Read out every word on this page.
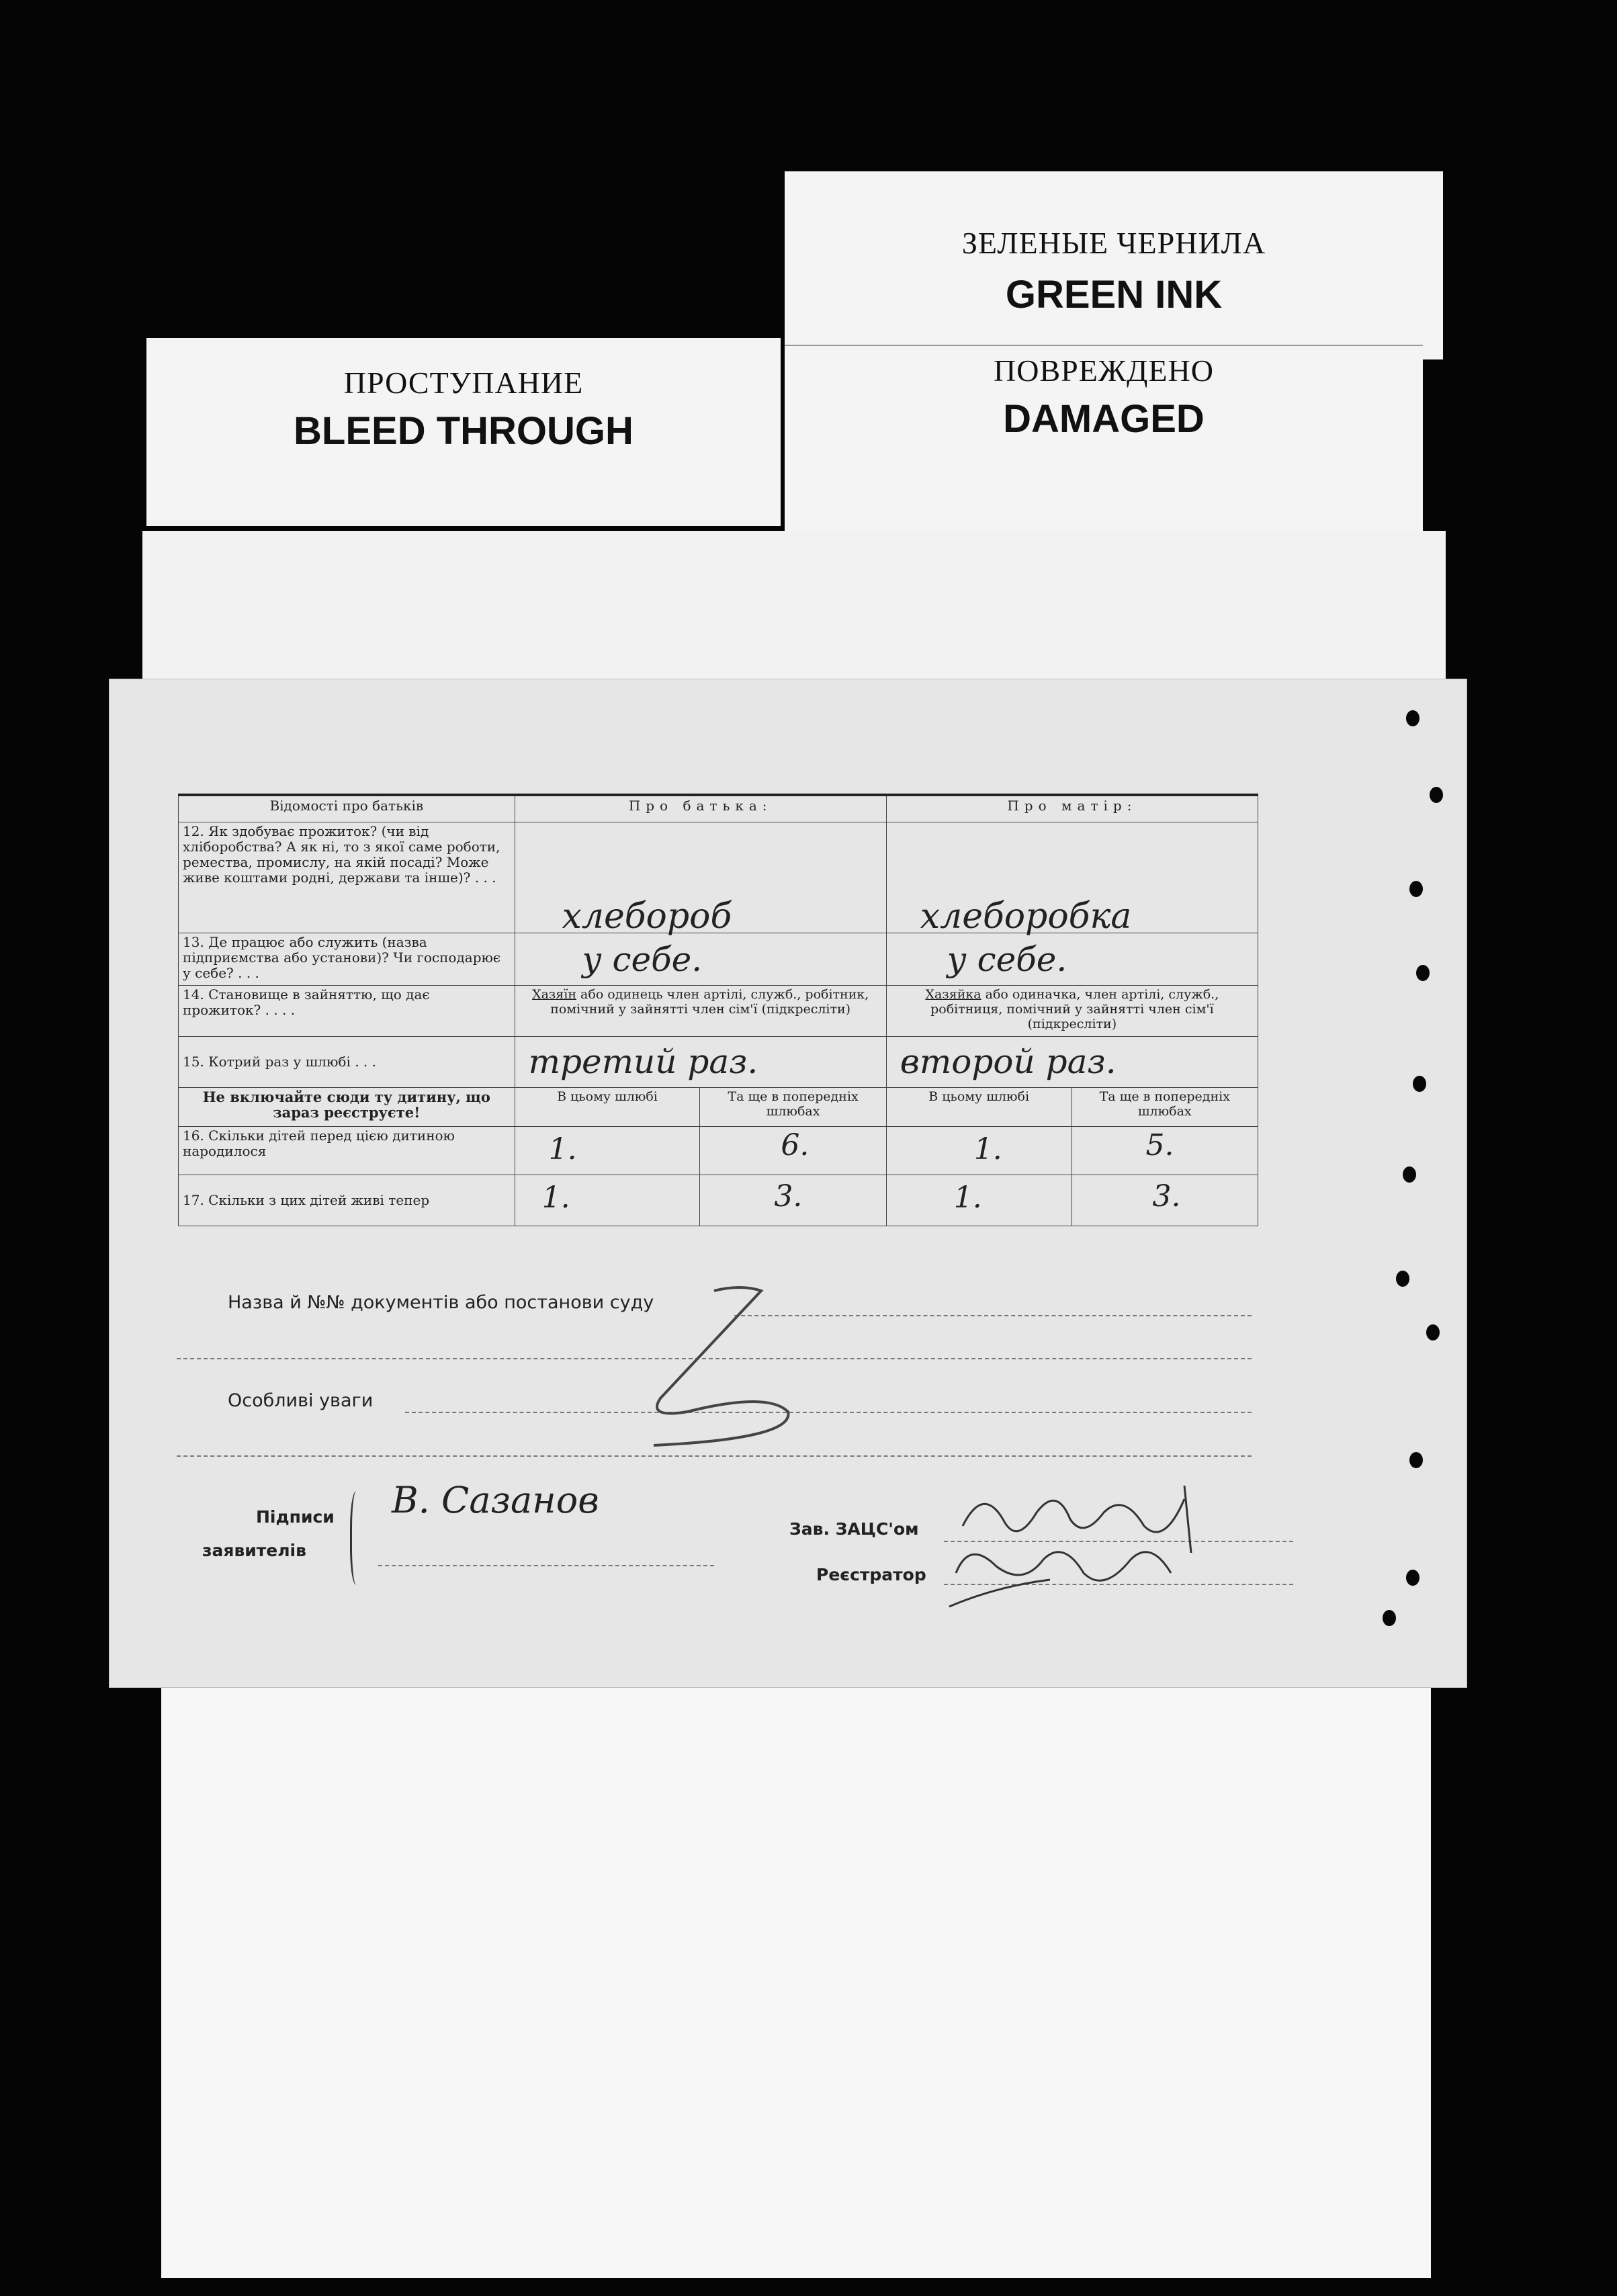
ЗЕЛЕНЫЕ ЧЕРНИЛА
GREEN INK
ПРОСТУПАНИЕ
BLEED THROUGH
ПОВРЕЖДЕНО
DAMAGED
Відомості про батьків	Про батька:		Про матір:	
12. Як здобуває прожиток? (чи від хліборобства? А як ні, то з якої саме роботи, ремества, промислу, на якій посаді? Може живе коштами родні, держави та інше)? . . .	хлебороб		хлеборобка	

13. Де працює або служить (назва підприємства або установи)? Чи господарює у себе? . . .	у себе.		у себе.	

14. Становище в зайняттю, що дає прожиток? . . . .	Хазяїн або одинець член артілі, служб., робітник, помічний у зайнятті член сім'ї (підкресліти)		Хазяйка або одиначка, член артілі, служб., робітниця, помічний у зайнятті член сім'ї (підкресліти)	
15. Котрий раз у шлюбі . . .	третий раз.		второй раз.	

Не включайте сюди ту дитину, що зараз реєструєте!	В цьому шлюбі	Та ще в попередніх шлюбах	В цьому шлюбі	Та ще в попередніх шлюбах
16. Скільки дітей перед цією дитиною народилося	1.	6.	1.	5.

17. Скільки з цих дітей живі тепер	1.	3.	1.	3.
Назва й №№ документів або постанови суду
Особливі уваги
Підписи
заявителів
В. Сазанов
Зав. ЗАЦС'ом
Реєстратор
